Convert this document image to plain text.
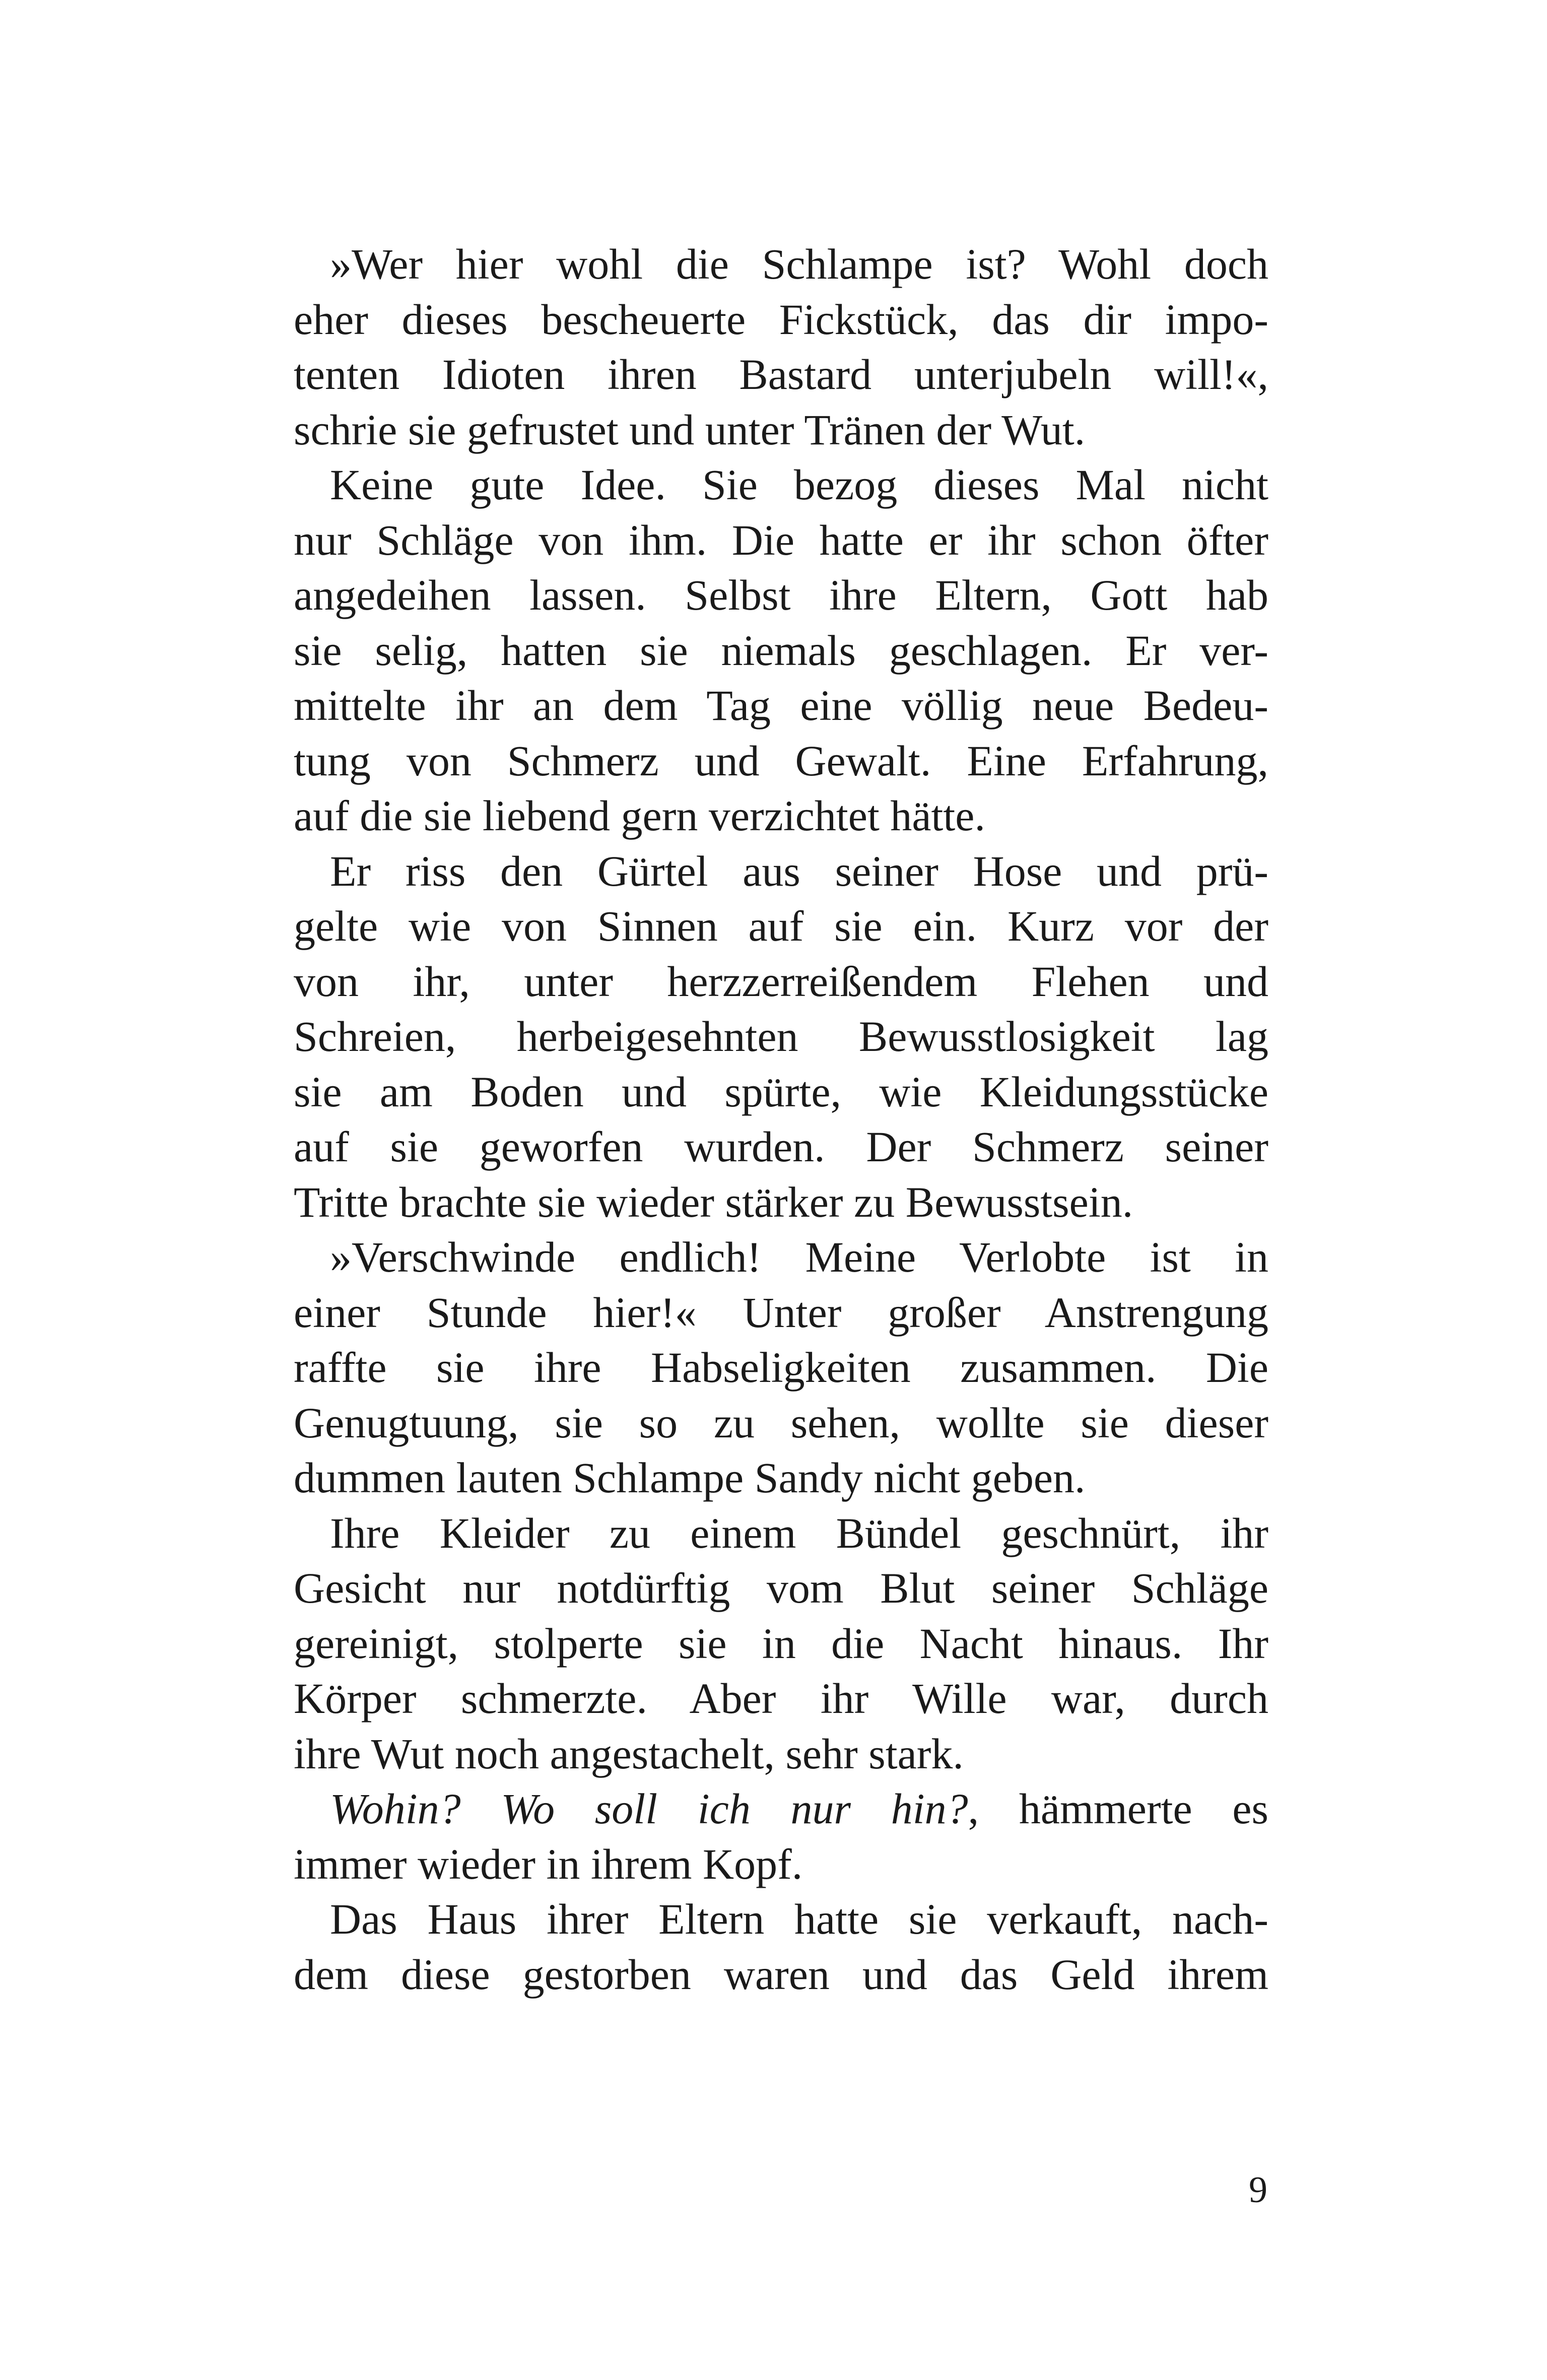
»Wer hier wohl die Schlampe ist? Wohl doch
eher dieses bescheuerte Fickstück, das dir impo-
tenten Idioten ihren Bastard unterjubeln will!«,
schrie sie gefrustet und unter Tränen der Wut.
Keine gute Idee. Sie bezog dieses Mal nicht
nur Schläge von ihm. Die hatte er ihr schon öfter
angedeihen lassen. Selbst ihre Eltern, Gott hab
sie selig, hatten sie niemals geschlagen. Er ver-
mittelte ihr an dem Tag eine völlig neue Bedeu-
tung von Schmerz und Gewalt. Eine Erfahrung,
auf die sie liebend gern verzichtet hätte.
Er riss den Gürtel aus seiner Hose und prü-
gelte wie von Sinnen auf sie ein. Kurz vor der
von ihr, unter herzzerreißendem Flehen und
Schreien, herbeigesehnten Bewusstlosigkeit lag
sie am Boden und spürte, wie Kleidungsstücke
auf sie geworfen wurden. Der Schmerz seiner
Tritte brachte sie wieder stärker zu Bewusstsein.
»Verschwinde endlich! Meine Verlobte ist in
einer Stunde hier!« Unter großer Anstrengung
raffte sie ihre Habseligkeiten zusammen. Die
Genugtuung, sie so zu sehen, wollte sie dieser
dummen lauten Schlampe Sandy nicht geben.
Ihre Kleider zu einem Bündel geschnürt, ihr
Gesicht nur notdürftig vom Blut seiner Schläge
gereinigt, stolperte sie in die Nacht hinaus. Ihr
Körper schmerzte. Aber ihr Wille war, durch
ihre Wut noch angestachelt, sehr stark.
Wohin? Wo soll ich nur hin?, hämmerte es
immer wieder in ihrem Kopf.
Das Haus ihrer Eltern hatte sie verkauft, nach-
dem diese gestorben waren und das Geld ihrem
9
